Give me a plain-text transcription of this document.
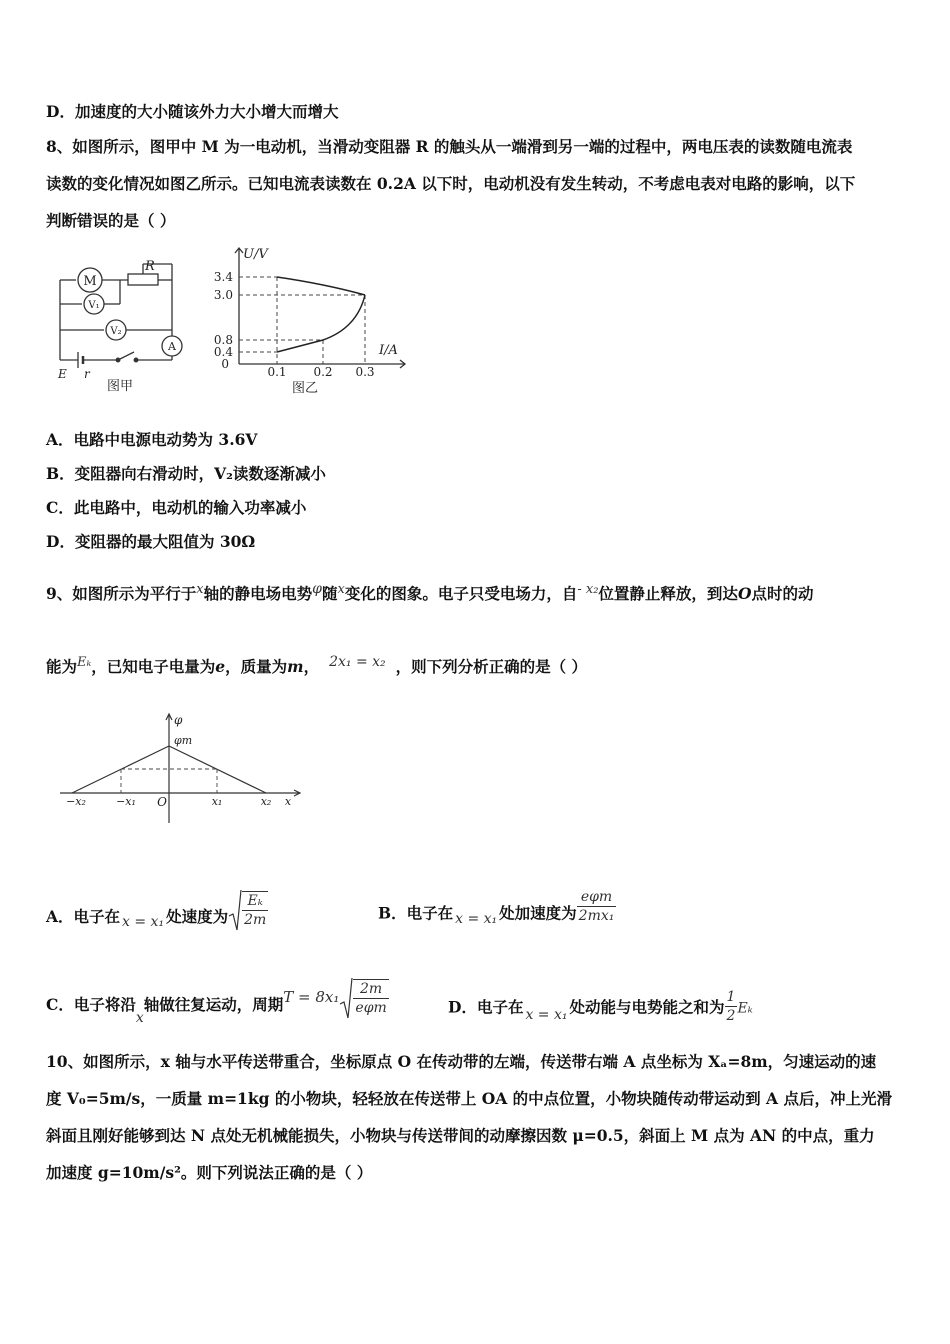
D．加速度的大小随该外力大小增大而增大
8、如图所示，图甲中 M 为一电动机，当滑动变阻器 R 的触头从一端滑到另一端的过程中，两电压表的读数随电流表
读数的变化情况如图乙所示。已知电流表读数在 0.2A 以下时，电动机没有发生转动，不考虑电表对电路的影响，以下
判断错误的是（ ）
M
R
V₁
V₂
A
E r
图甲
U/V
I/A
3.4
3.0
0.8
0.4
0
0.1 0.2 0.3
图乙
A．电路中电源电动势为 3.6V
B．变阻器向右滑动时，V₂读数逐渐减小
C．此电路中，电动机的输入功率减小
D．变阻器的最大阻值为 30Ω
9、如图所示为平行于$^x$轴的静电场电势$^\varphi$随$^x$变化的图象。电子只受电场力，自$^{- x_2}$位置静止释放，到达O点时的动
能为$^{E_k}$，已知电子电量为e，质量为m， $^{2x_1 = x_2}$ ，则下列分析正确的是（ ）
φ
φm
−x₂	−x₁ O	x₁	x₂ x
A．电子在 x = x₁ 处速度为 $\frac{\text{Eₖ}}{2m}$	B．电子在 x = x₁ 处加速度为 $\frac{\text{eφm}}{\text{2mx₁}}$
C．电子将沿x轴做往复运动，周期$T = 8x_1 \frac{2m}{\text{eφm}}$	D．电子在 x = x₁ 处动能与电势能之和为 $\frac{1}{2}$ Eₖ
10、如图所示，x 轴与水平传送带重合，坐标原点 O 在传动带的左端，传送带右端 A 点坐标为 Xₐ=8m，匀速运动的速
度 V₀=5m/s，一质量 m=1kg 的小物块，轻轻放在传送带上 OA 的中点位置，小物块随传动带运动到 A 点后，冲上光滑
斜面且刚好能够到达 N 点处无机械能损失，小物块与传送带间的动摩擦因数 μ=0.5，斜面上 M 点为 AN 的中点，重力
加速度 g=10m/s²。则下列说法正确的是（ ）
